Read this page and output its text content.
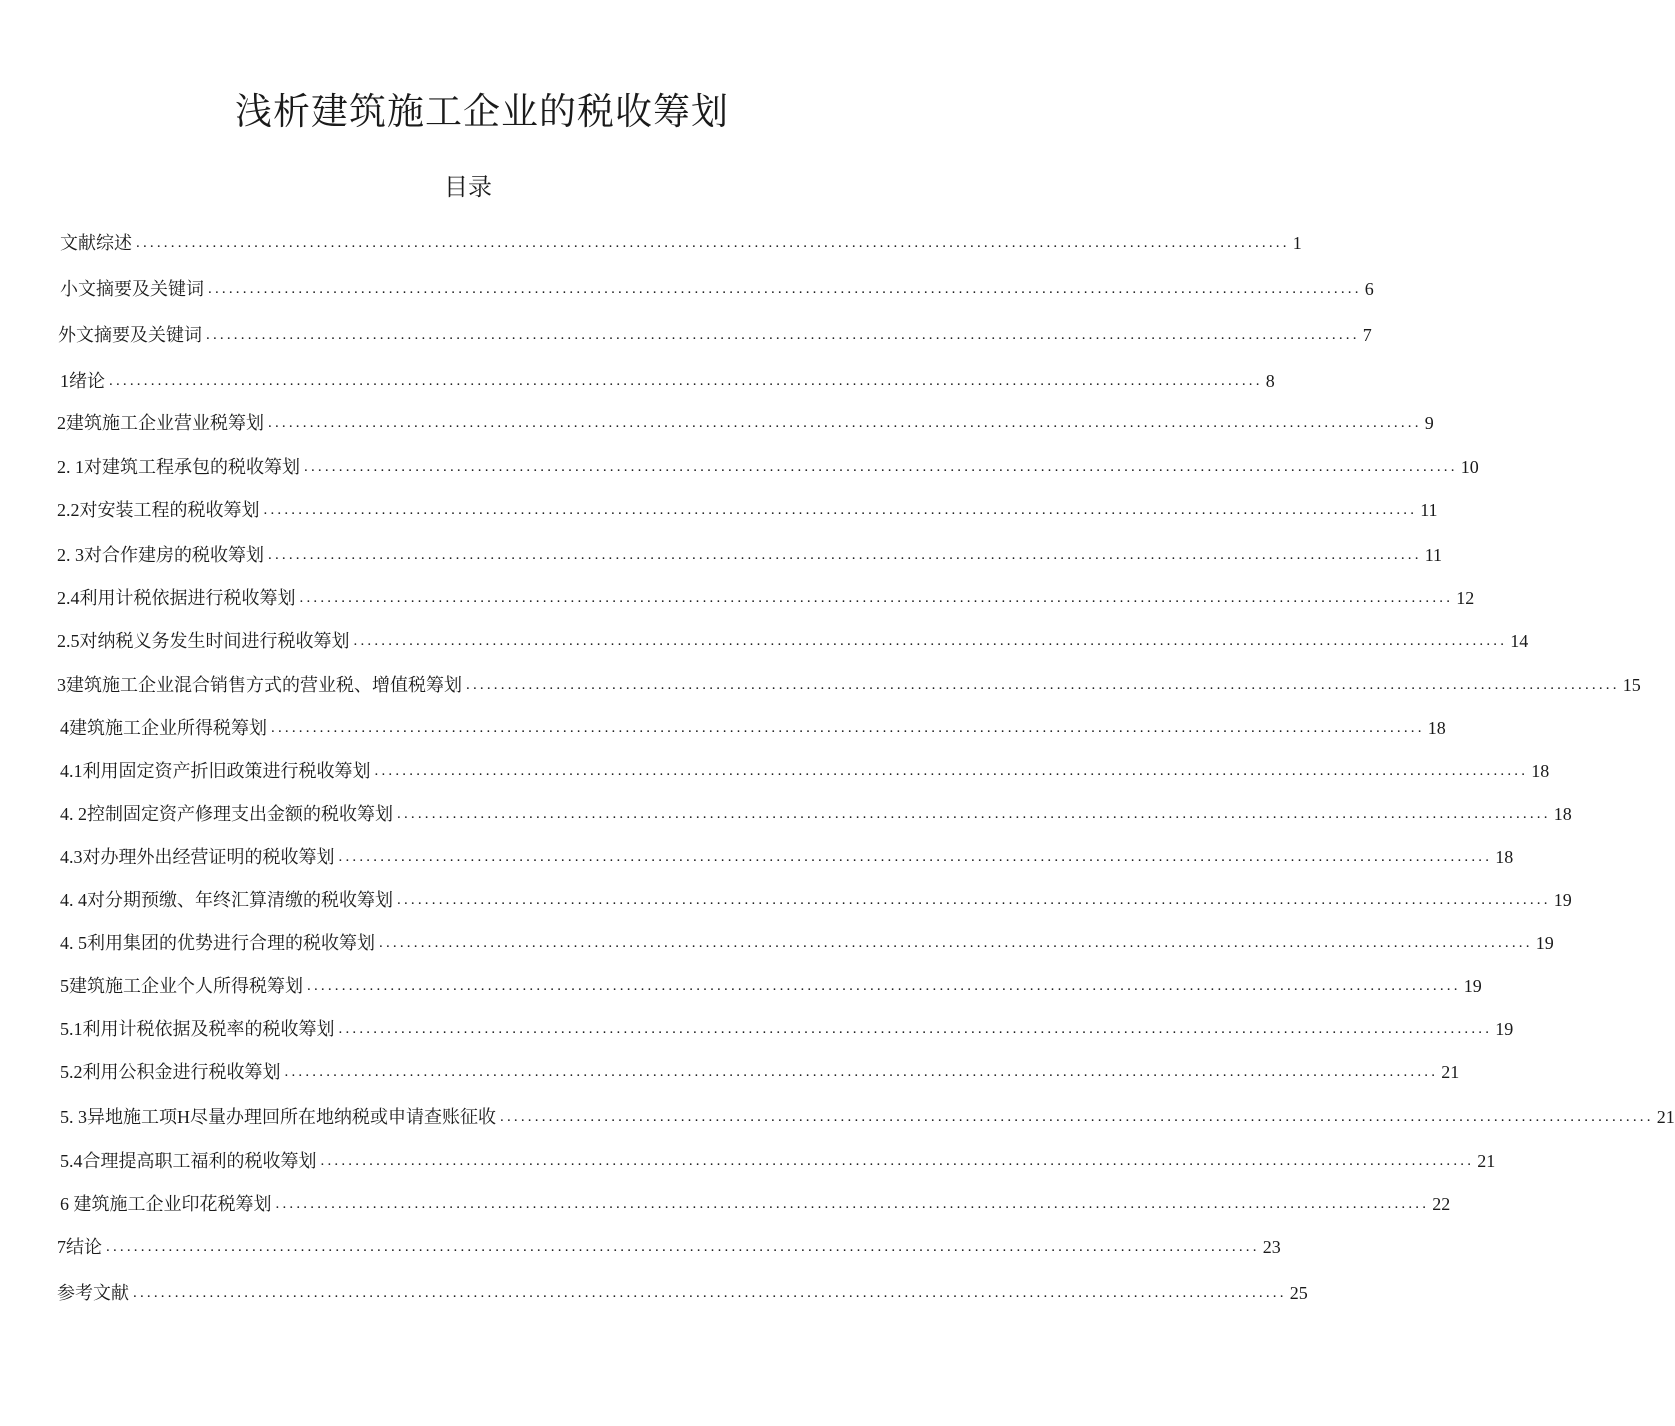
浅析建筑施工企业的税收筹划
目录
文献综述 ...................................................................................................................................................................... 1
小文摘要及关键词 ...................................................................................................................................................................... 6
外文摘要及关键词 ...................................................................................................................................................................... 7
1绪论 ...................................................................................................................................................................... 8
2建筑施工企业营业税筹划 ...................................................................................................................................................................... 9
2. 1对建筑工程承包的税收筹划 ...................................................................................................................................................................... 10
2.2对安装工程的税收筹划 ...................................................................................................................................................................... 11
2. 3对合作建房的税收筹划 ...................................................................................................................................................................... 11
2.4利用计税依据进行税收筹划 ...................................................................................................................................................................... 12
2.5对纳税义务发生时间进行税收筹划 ...................................................................................................................................................................... 14
3建筑施工企业混合销售方式的营业税、增值税筹划 ...................................................................................................................................................................... 15
4建筑施工企业所得税筹划 ...................................................................................................................................................................... 18
4.1利用固定资产折旧政策进行税收筹划 ...................................................................................................................................................................... 18
4. 2控制固定资产修理支出金额的税收筹划 ...................................................................................................................................................................... 18
4.3对办理外出经营证明的税收筹划 ...................................................................................................................................................................... 18
4. 4对分期预缴、年终汇算清缴的税收筹划 ...................................................................................................................................................................... 19
4. 5利用集团的优势进行合理的税收筹划 ...................................................................................................................................................................... 19
5建筑施工企业个人所得税筹划 ...................................................................................................................................................................... 19
5.1利用计税依据及税率的税收筹划 ...................................................................................................................................................................... 19
5.2利用公积金进行税收筹划 ...................................................................................................................................................................... 21
5. 3异地施工项H尽量办理回所在地纳税或申请查账征收 ...................................................................................................................................................................... 21
5.4合理提高职工福利的税收筹划 ...................................................................................................................................................................... 21
6 建筑施工企业印花税筹划 ...................................................................................................................................................................... 22
7结论 ...................................................................................................................................................................... 23
参考文献 ...................................................................................................................................................................... 25
